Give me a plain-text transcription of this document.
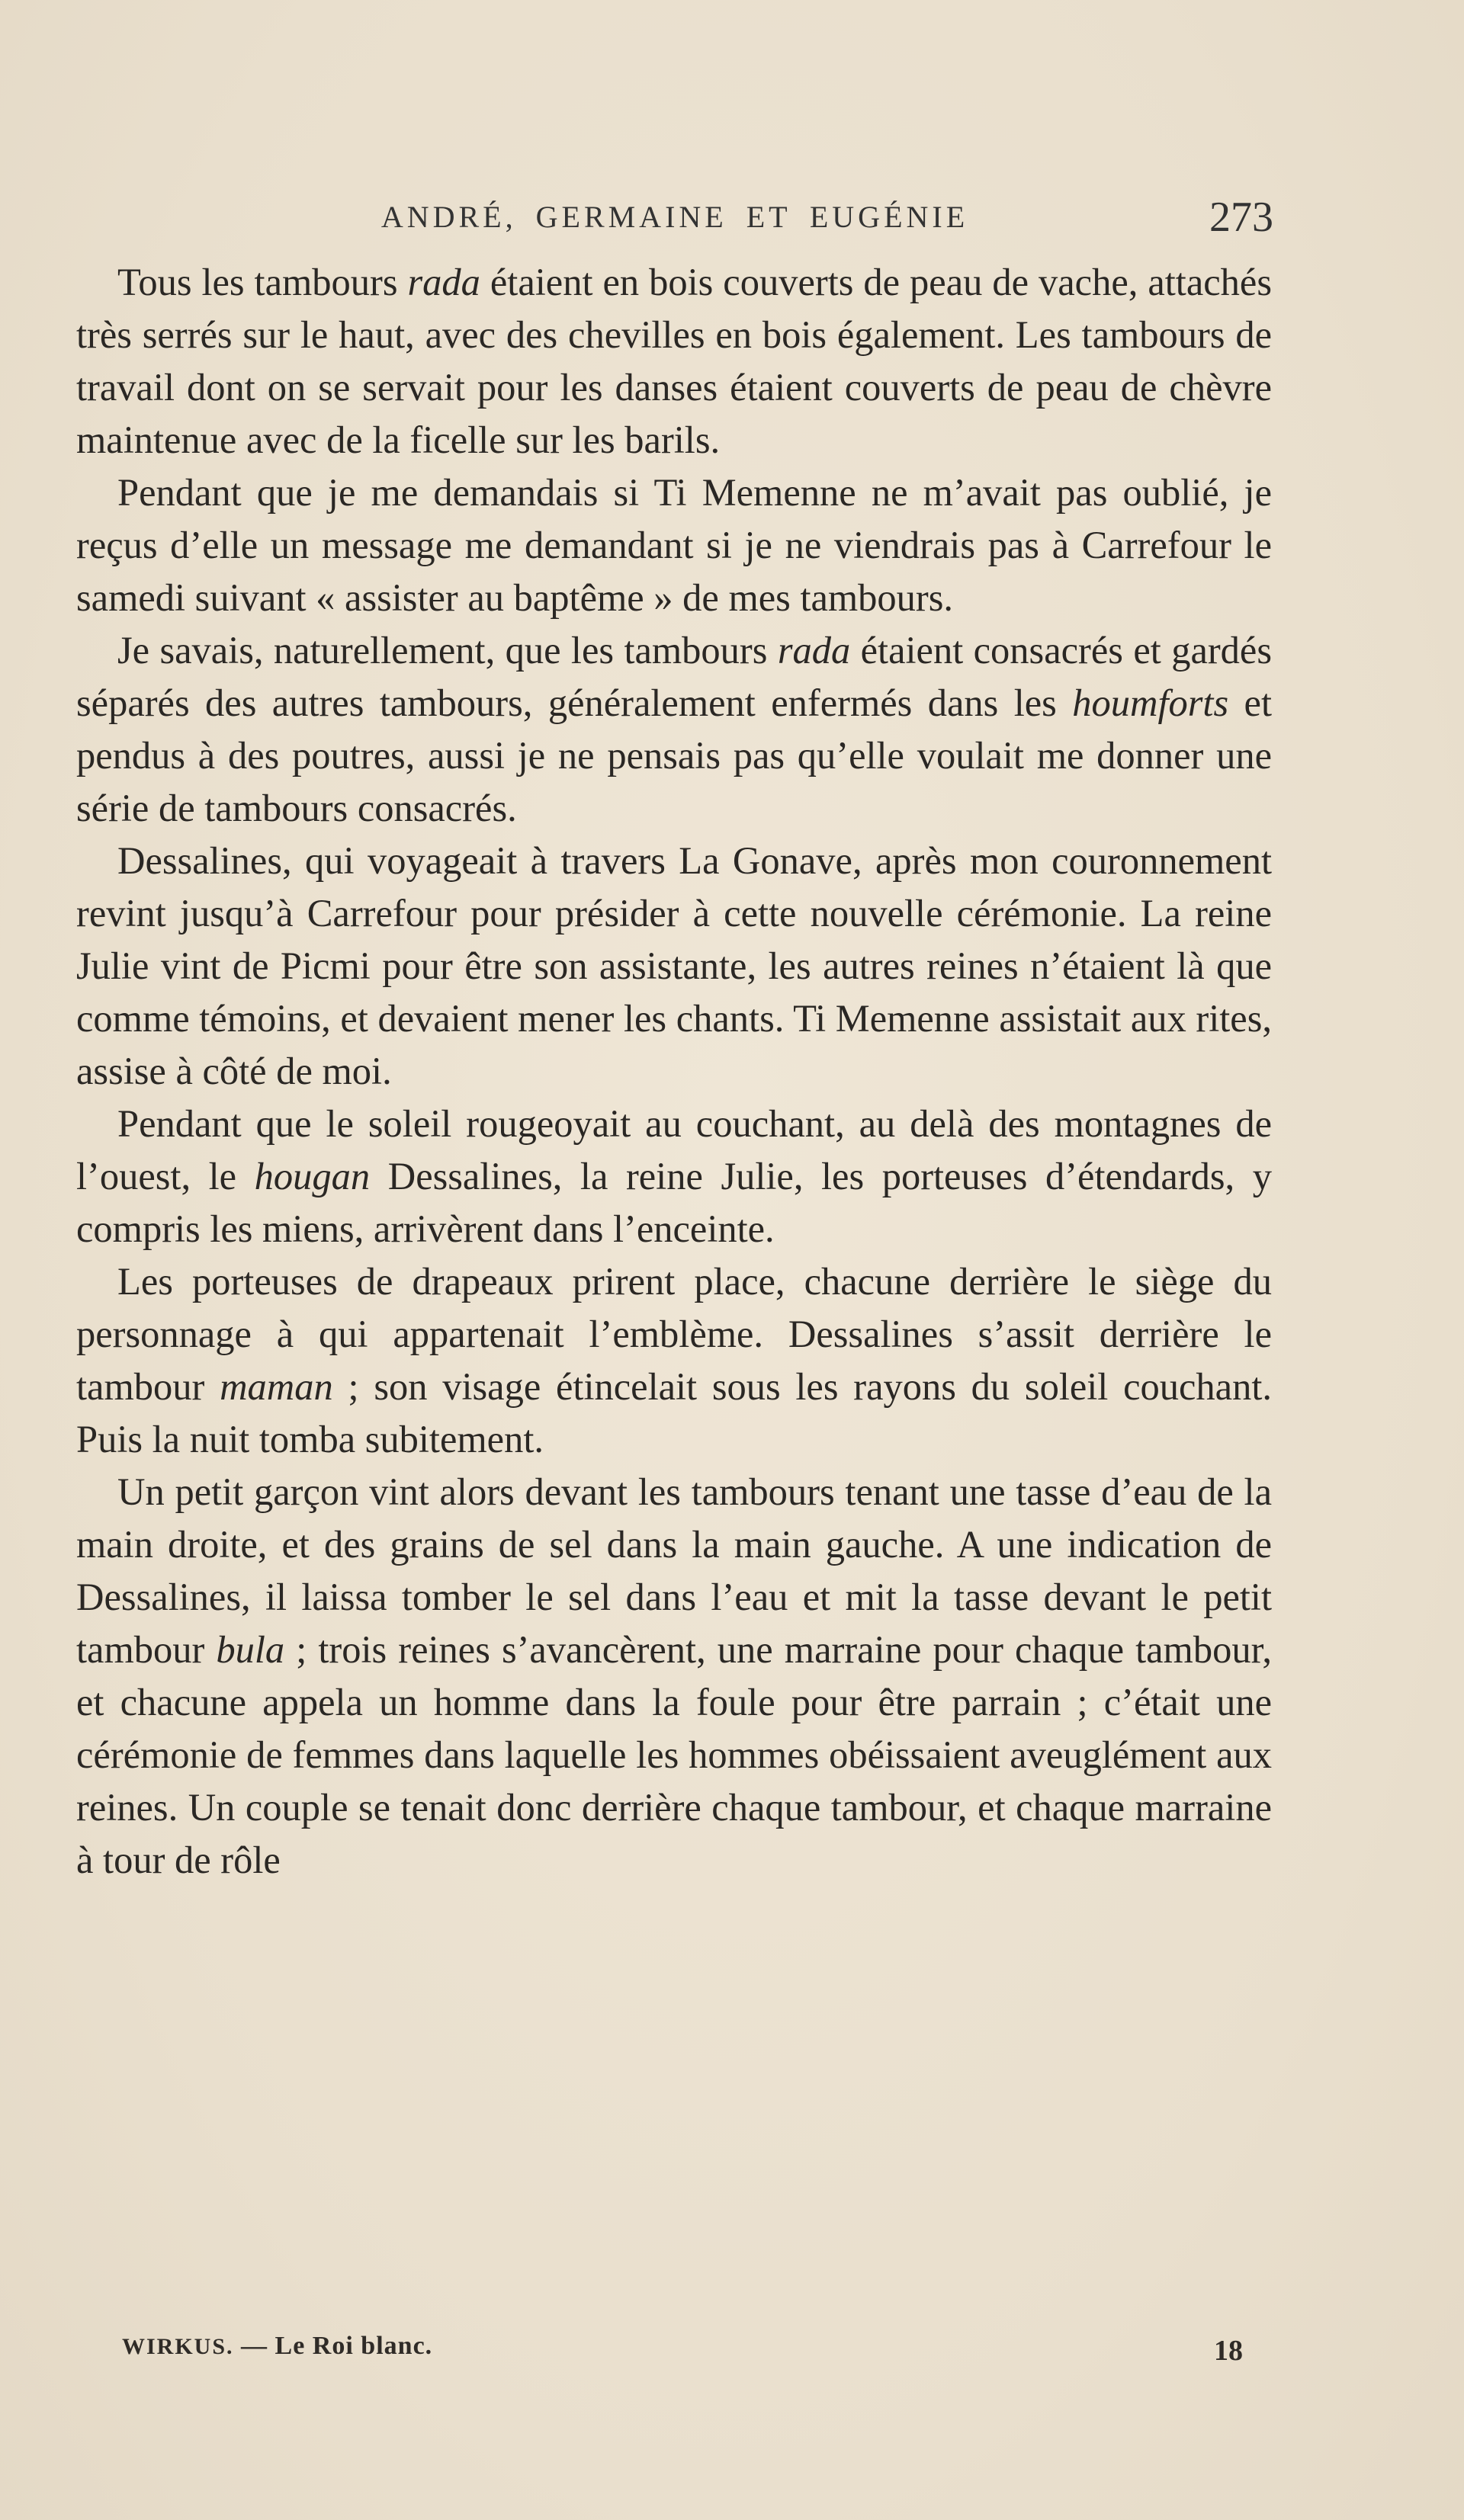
ANDRÉ, GERMAINE ET EUGÉNIE	273

Tous les tambours rada étaient en bois couverts de peau de vache, attachés très serrés sur le haut, avec des chevilles en bois également. Les tambours de travail dont on se servait pour les danses étaient couverts de peau de chèvre maintenue avec de la ficelle sur les barils.

Pendant que je me demandais si Ti Memenne ne m’avait pas oublié, je reçus d’elle un message me demandant si je ne viendrais pas à Carrefour le samedi suivant « assister au baptême » de mes tambours.

Je savais, naturellement, que les tambours rada étaient consacrés et gardés séparés des autres tambours, généralement enfermés dans les houmforts et pendus à des poutres, aussi je ne pensais pas qu’elle voulait me donner une série de tambours consacrés.

Dessalines, qui voyageait à travers La Gonave, après mon couronnement revint jusqu’à Carrefour pour présider à cette nouvelle cérémonie. La reine Julie vint de Picmi pour être son assistante, les autres reines n’étaient là que comme témoins, et devaient mener les chants. Ti Memenne assistait aux rites, assise à côté de moi.

Pendant que le soleil rougeoyait au couchant, au delà des montagnes de l’ouest, le hougan Dessalines, la reine Julie, les porteuses d’étendards, y compris les miens, arrivèrent dans l’enceinte.

Les porteuses de drapeaux prirent place, chacune derrière le siège du personnage à qui appartenait l’emblème. Dessalines s’assit derrière le tambour maman ; son visage étincelait sous les rayons du soleil couchant. Puis la nuit tomba subitement.

Un petit garçon vint alors devant les tambours tenant une tasse d’eau de la main droite, et des grains de sel dans la main gauche. A une indication de Dessalines, il laissa tomber le sel dans l’eau et mit la tasse devant le petit tambour bula ; trois reines s’avancèrent, une marraine pour chaque tambour, et chacune appela un homme dans la foule pour être parrain ; c’était une cérémonie de femmes dans laquelle les hommes obéissaient aveuglément aux reines. Un couple se tenait donc derrière chaque tambour, et chaque marraine à tour de rôle

WIRKUS. — Le Roi blanc.	18
